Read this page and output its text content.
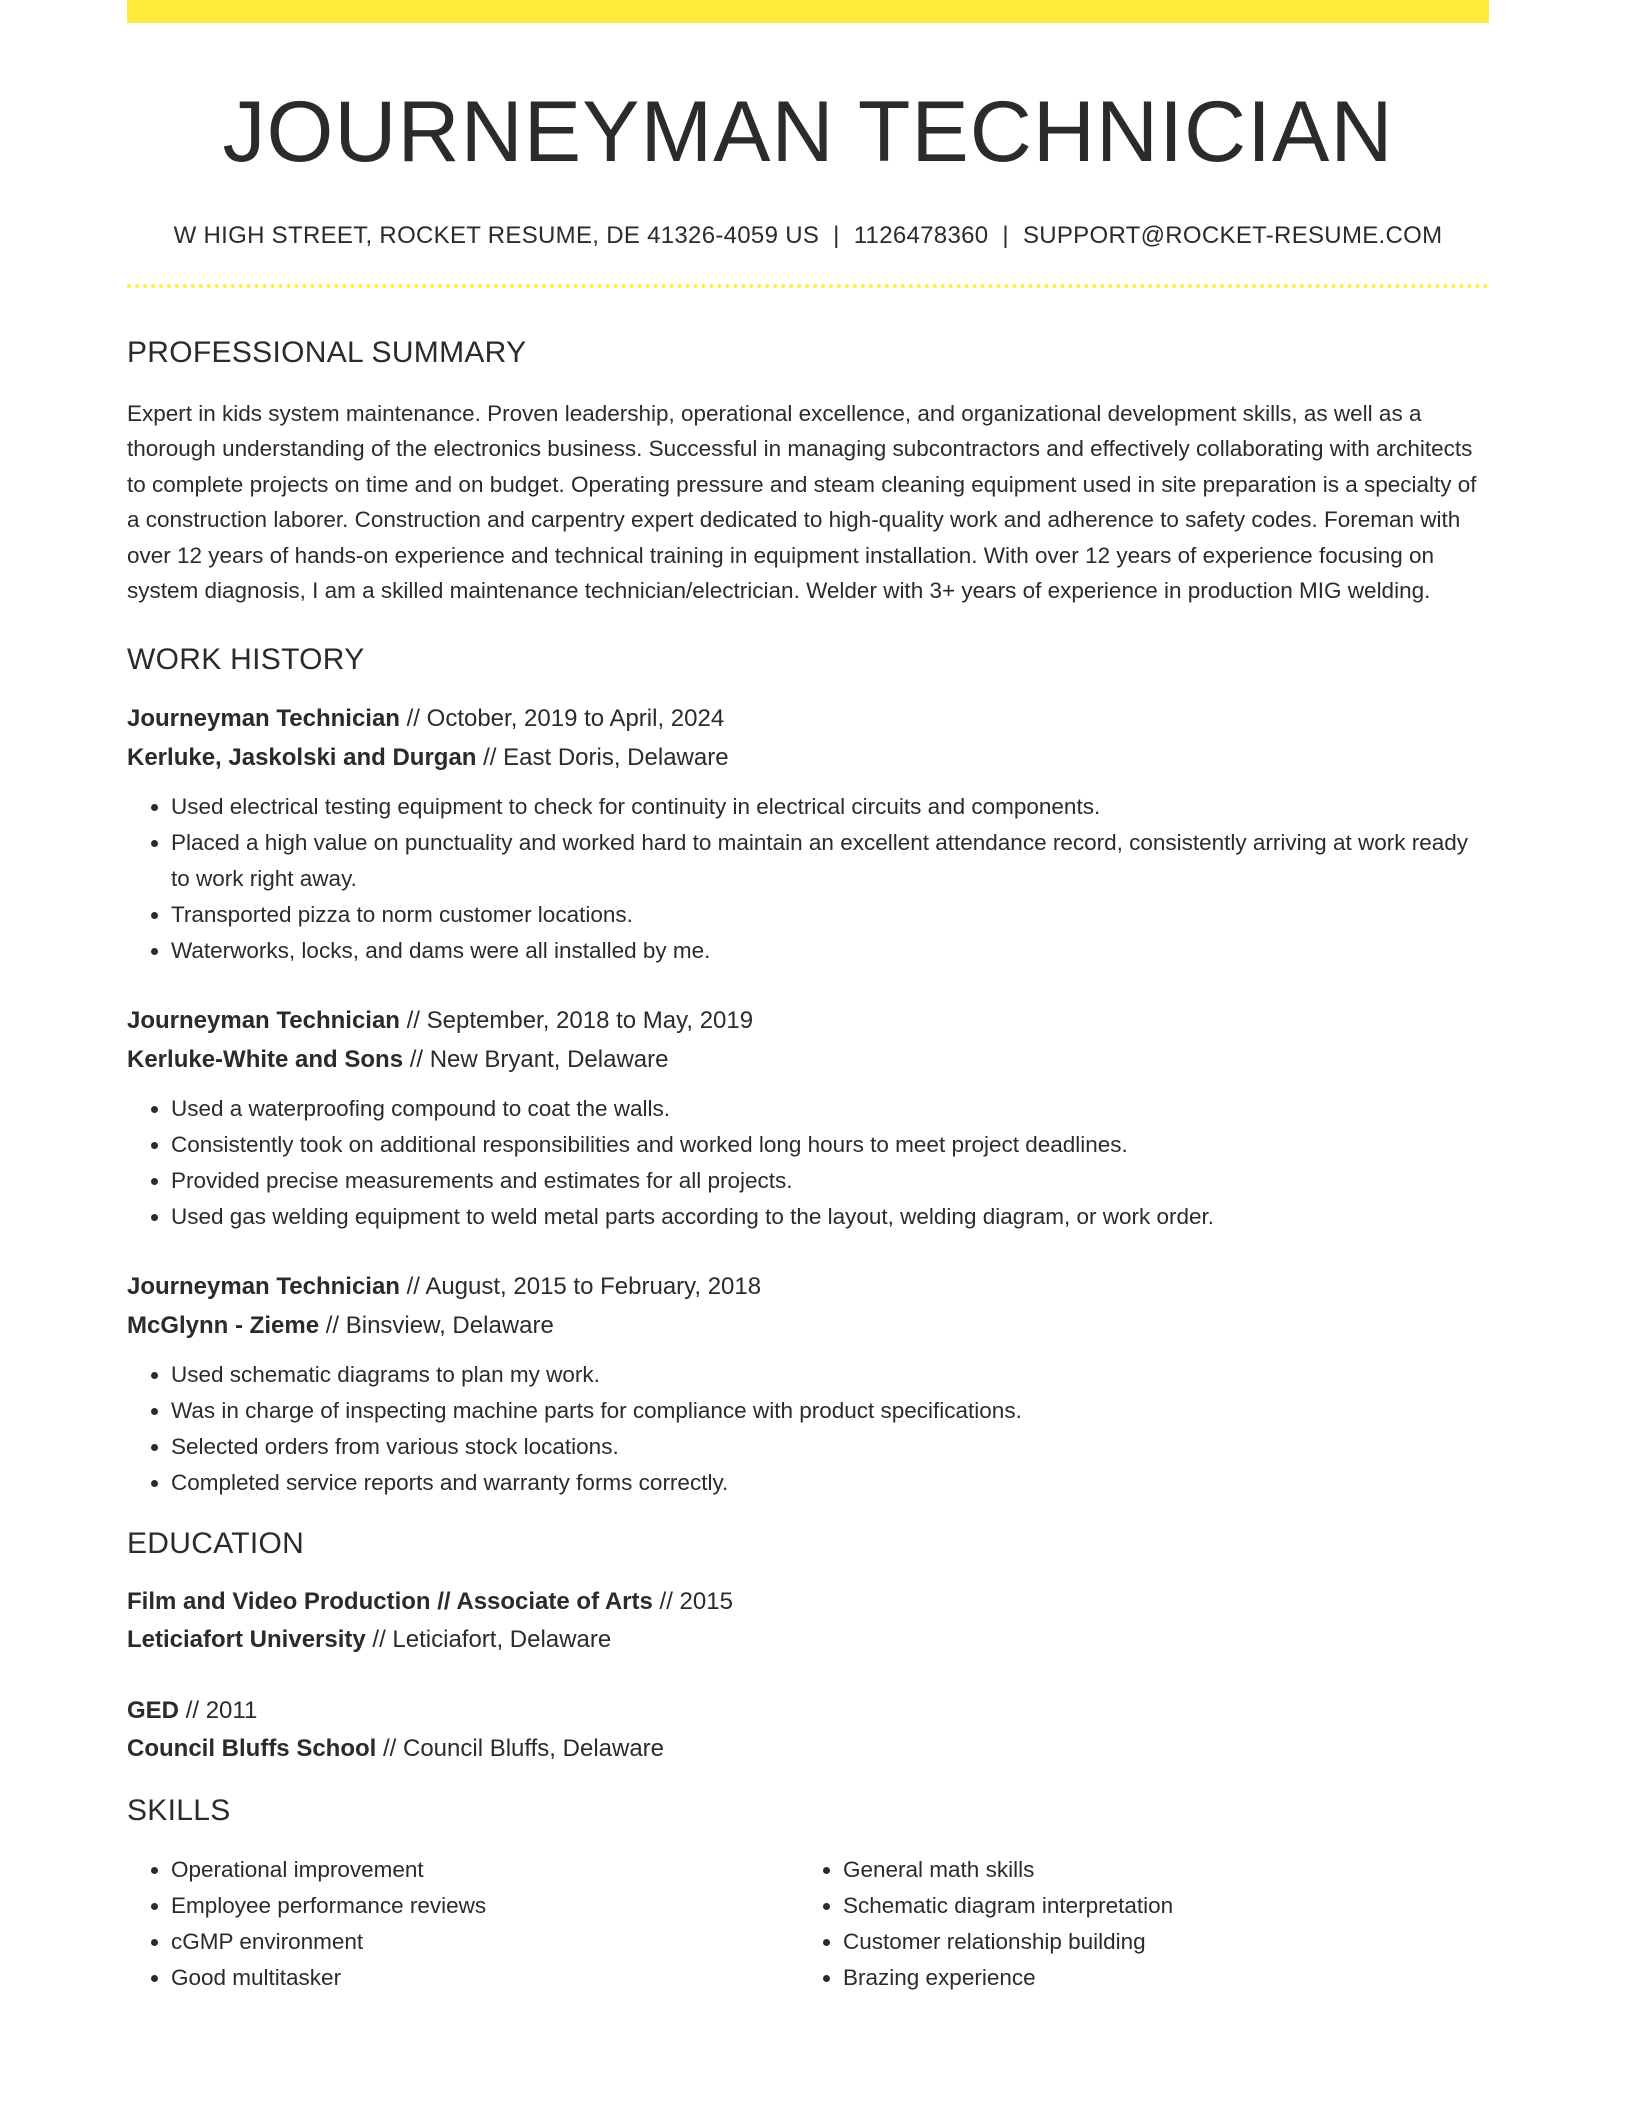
JOURNEYMAN TECHNICIAN
W HIGH STREET, ROCKET RESUME, DE 41326-4059 US | 1126478360 | SUPPORT@ROCKET-RESUME.COM
PROFESSIONAL SUMMARY
Expert in kids system maintenance. Proven leadership, operational excellence, and organizational development skills, as well as a thorough understanding of the electronics business. Successful in managing subcontractors and effectively collaborating with architects to complete projects on time and on budget. Operating pressure and steam cleaning equipment used in site preparation is a specialty of a construction laborer. Construction and carpentry expert dedicated to high-quality work and adherence to safety codes. Foreman with over 12 years of hands-on experience and technical training in equipment installation. With over 12 years of experience focusing on system diagnosis, I am a skilled maintenance technician/electrician. Welder with 3+ years of experience in production MIG welding.
WORK HISTORY
Journeyman Technician // October, 2019 to April, 2024
Kerluke, Jaskolski and Durgan // East Doris, Delaware
• Used electrical testing equipment to check for continuity in electrical circuits and components.
• Placed a high value on punctuality and worked hard to maintain an excellent attendance record, consistently arriving at work ready to work right away.
• Transported pizza to norm customer locations.
• Waterworks, locks, and dams were all installed by me.
Journeyman Technician // September, 2018 to May, 2019
Kerluke-White and Sons // New Bryant, Delaware
• Used a waterproofing compound to coat the walls.
• Consistently took on additional responsibilities and worked long hours to meet project deadlines.
• Provided precise measurements and estimates for all projects.
• Used gas welding equipment to weld metal parts according to the layout, welding diagram, or work order.
Journeyman Technician // August, 2015 to February, 2018
McGlynn - Zieme // Binsview, Delaware
• Used schematic diagrams to plan my work.
• Was in charge of inspecting machine parts for compliance with product specifications.
• Selected orders from various stock locations.
• Completed service reports and warranty forms correctly.
EDUCATION
Film and Video Production // Associate of Arts // 2015
Leticiafort University // Leticiafort, Delaware
GED // 2011
Council Bluffs School // Council Bluffs, Delaware
SKILLS
• Operational improvement
• Employee performance reviews
• cGMP environment
• Good multitasker
• General math skills
• Schematic diagram interpretation
• Customer relationship building
• Brazing experience
